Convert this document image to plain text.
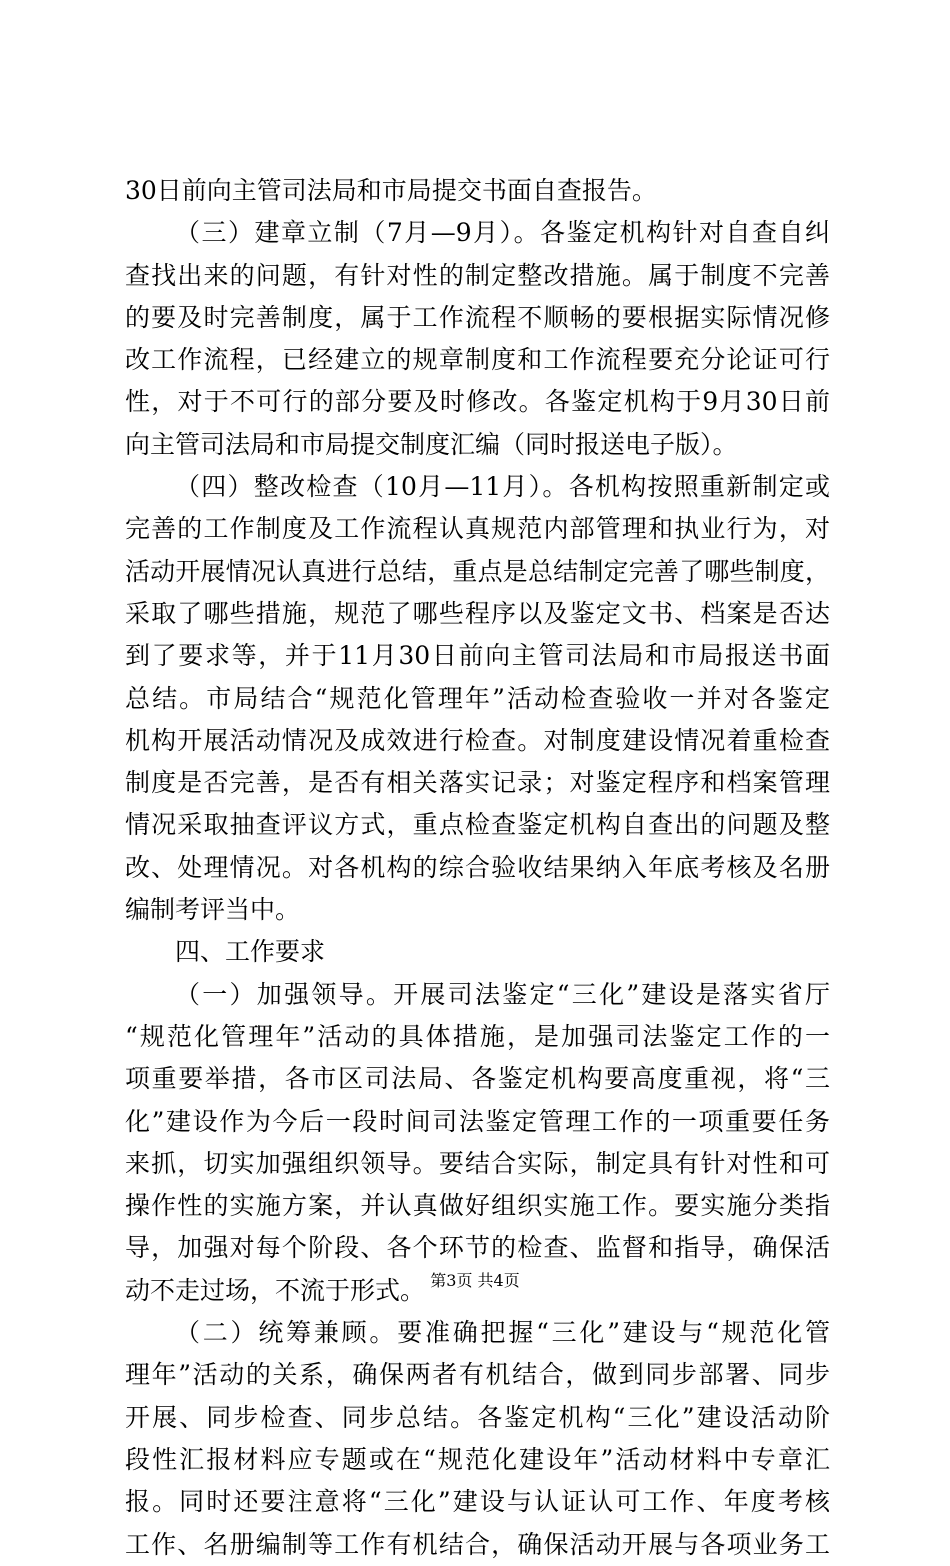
30日前向主管司法局和市局提交书面自查报告。
（三）建章立制（7月—9月）。各鉴定机构针对自查自纠
查找出来的问题，有针对性的制定整改措施。属于制度不完善
的要及时完善制度，属于工作流程不顺畅的要根据实际情况修
改工作流程，已经建立的规章制度和工作流程要充分论证可行
性，对于不可行的部分要及时修改。各鉴定机构于9月30日前
向主管司法局和市局提交制度汇编（同时报送电子版）。
（四）整改检查（10月—11月）。各机构按照重新制定或
完善的工作制度及工作流程认真规范内部管理和执业行为，对
活动开展情况认真进行总结，重点是总结制定完善了哪些制度，
采取了哪些措施，规范了哪些程序以及鉴定文书、档案是否达
到了要求等，并于11月30日前向主管司法局和市局报送书面
总结。市局结合“规范化管理年”活动检查验收一并对各鉴定
机构开展活动情况及成效进行检查。对制度建设情况着重检查
制度是否完善，是否有相关落实记录；对鉴定程序和档案管理
情况采取抽查评议方式，重点检查鉴定机构自查出的问题及整
改、处理情况。对各机构的综合验收结果纳入年底考核及名册
编制考评当中。
四、工作要求
（一）加强领导。开展司法鉴定“三化”建设是落实省厅
“规范化管理年”活动的具体措施，是加强司法鉴定工作的一
项重要举措，各市区司法局、各鉴定机构要高度重视，将“三
化”建设作为今后一段时间司法鉴定管理工作的一项重要任务
来抓，切实加强组织领导。要结合实际，制定具有针对性和可
操作性的实施方案，并认真做好组织实施工作。要实施分类指
导，加强对每个阶段、各个环节的检查、监督和指导，确保活
动不走过场，不流于形式。
（二）统筹兼顾。要准确把握“三化”建设与“规范化管
理年”活动的关系，确保两者有机结合，做到同步部署、同步
开展、同步检查、同步总结。各鉴定机构“三化”建设活动阶
段性汇报材料应专题或在“规范化建设年”活动材料中专章汇
报。同时还要注意将“三化”建设与认证认可工作、年度考核
工作、名册编制等工作有机结合，确保活动开展与各项业务工
第3页 共4页
